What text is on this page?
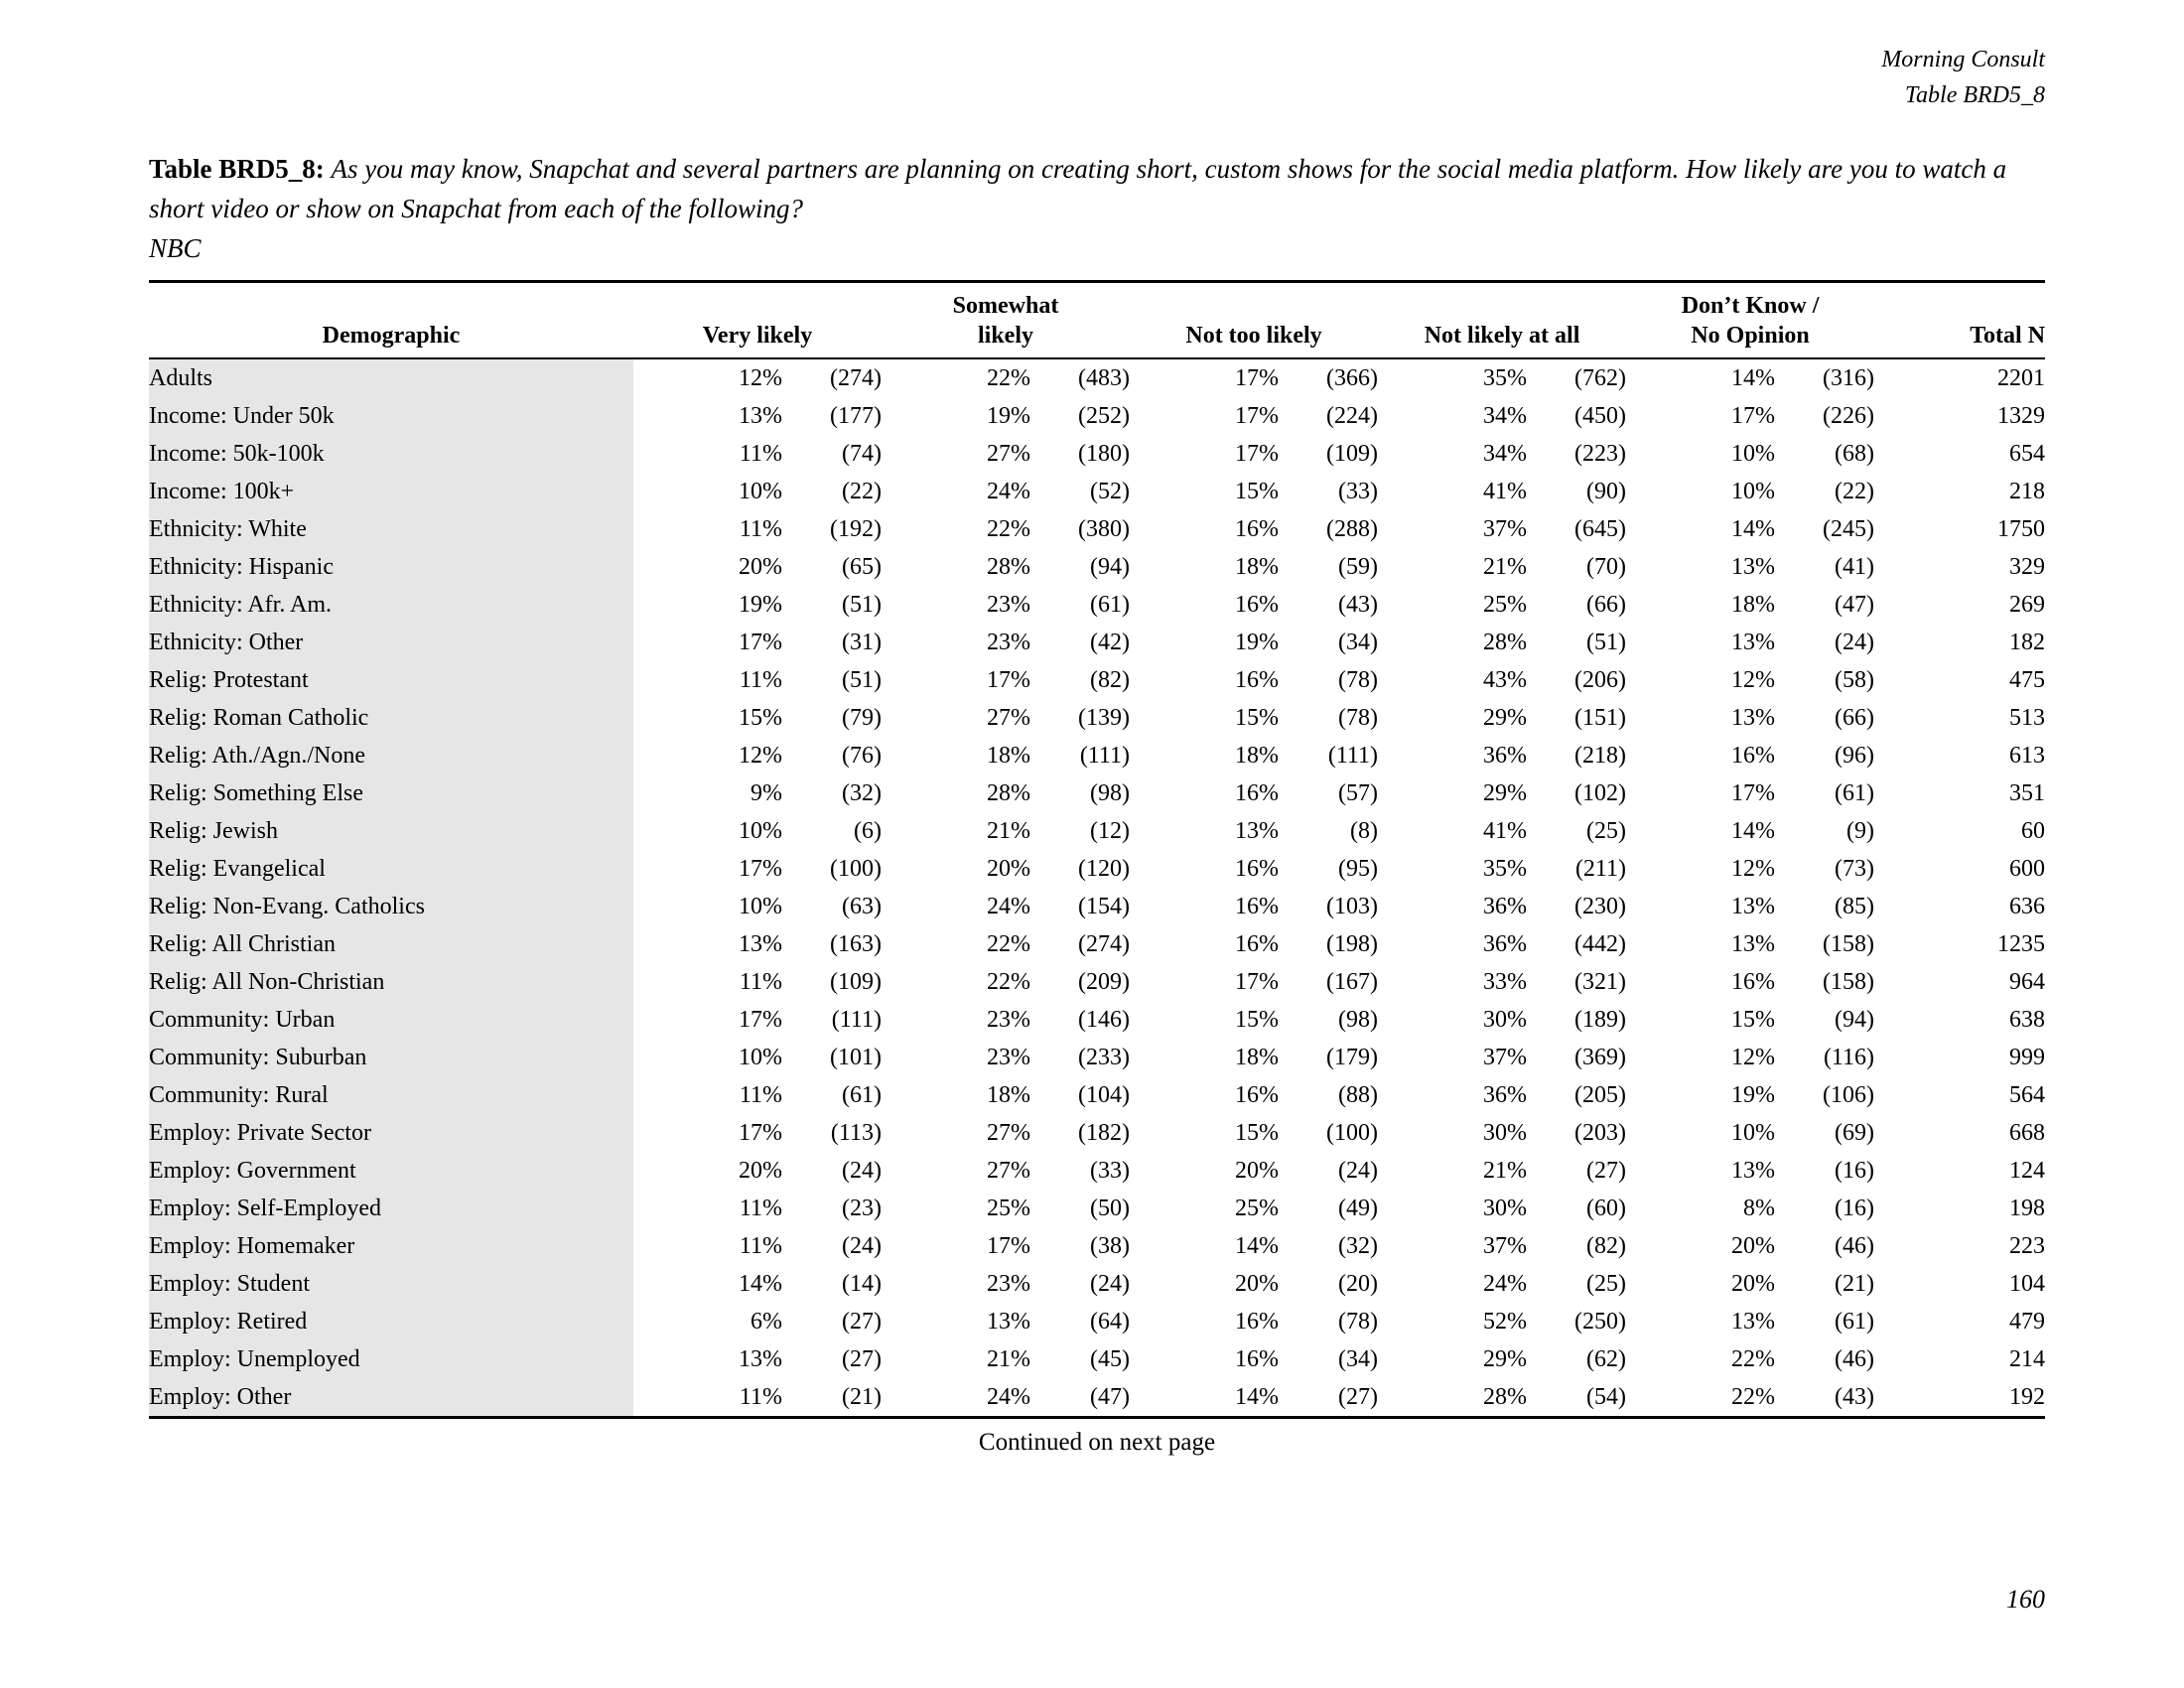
Morning Consult
Table BRD5_8

Table BRD5_8: As you may know, Snapchat and several partners are planning on creating short, custom shows for the social media platform. How likely are you to watch a short video or show on Snapchat from each of the following?

NBC

Demographic	Very likely

Somewhat
likely	Not too likely	Not likely at all

Don’t Know /
No Opinion	Total N
Adults	12%	(274)	22%	(483)	17%	(366)	35%	(762)	14%	(316)	2201
Income: Under 50k	13%	(177)	19%	(252)	17%	(224)	34%	(450)	17%	(226)	1329
Income: 50k-100k	11%	(74)	27%	(180)	17%	(109)	34%	(223)	10%	(68)	654
Income: 100k+	10%	(22)	24%	(52)	15%	(33)	41%	(90)	10%	(22)	218
Ethnicity: White	11%	(192)	22%	(380)	16%	(288)	37%	(645)	14%	(245)	1750
Ethnicity: Hispanic	20%	(65)	28%	(94)	18%	(59)	21%	(70)	13%	(41)	329
Ethnicity: Afr. Am.	19%	(51)	23%	(61)	16%	(43)	25%	(66)	18%	(47)	269
Ethnicity: Other	17%	(31)	23%	(42)	19%	(34)	28%	(51)	13%	(24)	182
Relig: Protestant	11%	(51)	17%	(82)	16%	(78)	43%	(206)	12%	(58)	475
Relig: Roman Catholic	15%	(79)	27%	(139)	15%	(78)	29%	(151)	13%	(66)	513
Relig: Ath./Agn./None	12%	(76)	18%	(111)	18%	(111)	36%	(218)	16%	(96)	613
Relig: Something Else	9%	(32)	28%	(98)	16%	(57)	29%	(102)	17%	(61)	351
Relig: Jewish	10%	(6)	21%	(12)	13%	(8)	41%	(25)	14%	(9)	60
Relig: Evangelical	17%	(100)	20%	(120)	16%	(95)	35%	(211)	12%	(73)	600
Relig: Non-Evang. Catholics	10%	(63)	24%	(154)	16%	(103)	36%	(230)	13%	(85)	636
Relig: All Christian	13%	(163)	22%	(274)	16%	(198)	36%	(442)	13%	(158)	1235
Relig: All Non-Christian	11%	(109)	22%	(209)	17%	(167)	33%	(321)	16%	(158)	964
Community: Urban	17%	(111)	23%	(146)	15%	(98)	30%	(189)	15%	(94)	638
Community: Suburban	10%	(101)	23%	(233)	18%	(179)	37%	(369)	12%	(116)	999
Community: Rural	11%	(61)	18%	(104)	16%	(88)	36%	(205)	19%	(106)	564
Employ: Private Sector	17%	(113)	27%	(182)	15%	(100)	30%	(203)	10%	(69)	668
Employ: Government	20%	(24)	27%	(33)	20%	(24)	21%	(27)	13%	(16)	124
Employ: Self-Employed	11%	(23)	25%	(50)	25%	(49)	30%	(60)	8%	(16)	198
Employ: Homemaker	11%	(24)	17%	(38)	14%	(32)	37%	(82)	20%	(46)	223
Employ: Student	14%	(14)	23%	(24)	20%	(20)	24%	(25)	20%	(21)	104
Employ: Retired	6%	(27)	13%	(64)	16%	(78)	52%	(250)	13%	(61)	479
Employ: Unemployed	13%	(27)	21%	(45)	16%	(34)	29%	(62)	22%	(46)	214
Employ: Other	11%	(21)	24%	(47)	14%	(27)	28%	(54)	22%	(43)	192
Continued on next page
160
